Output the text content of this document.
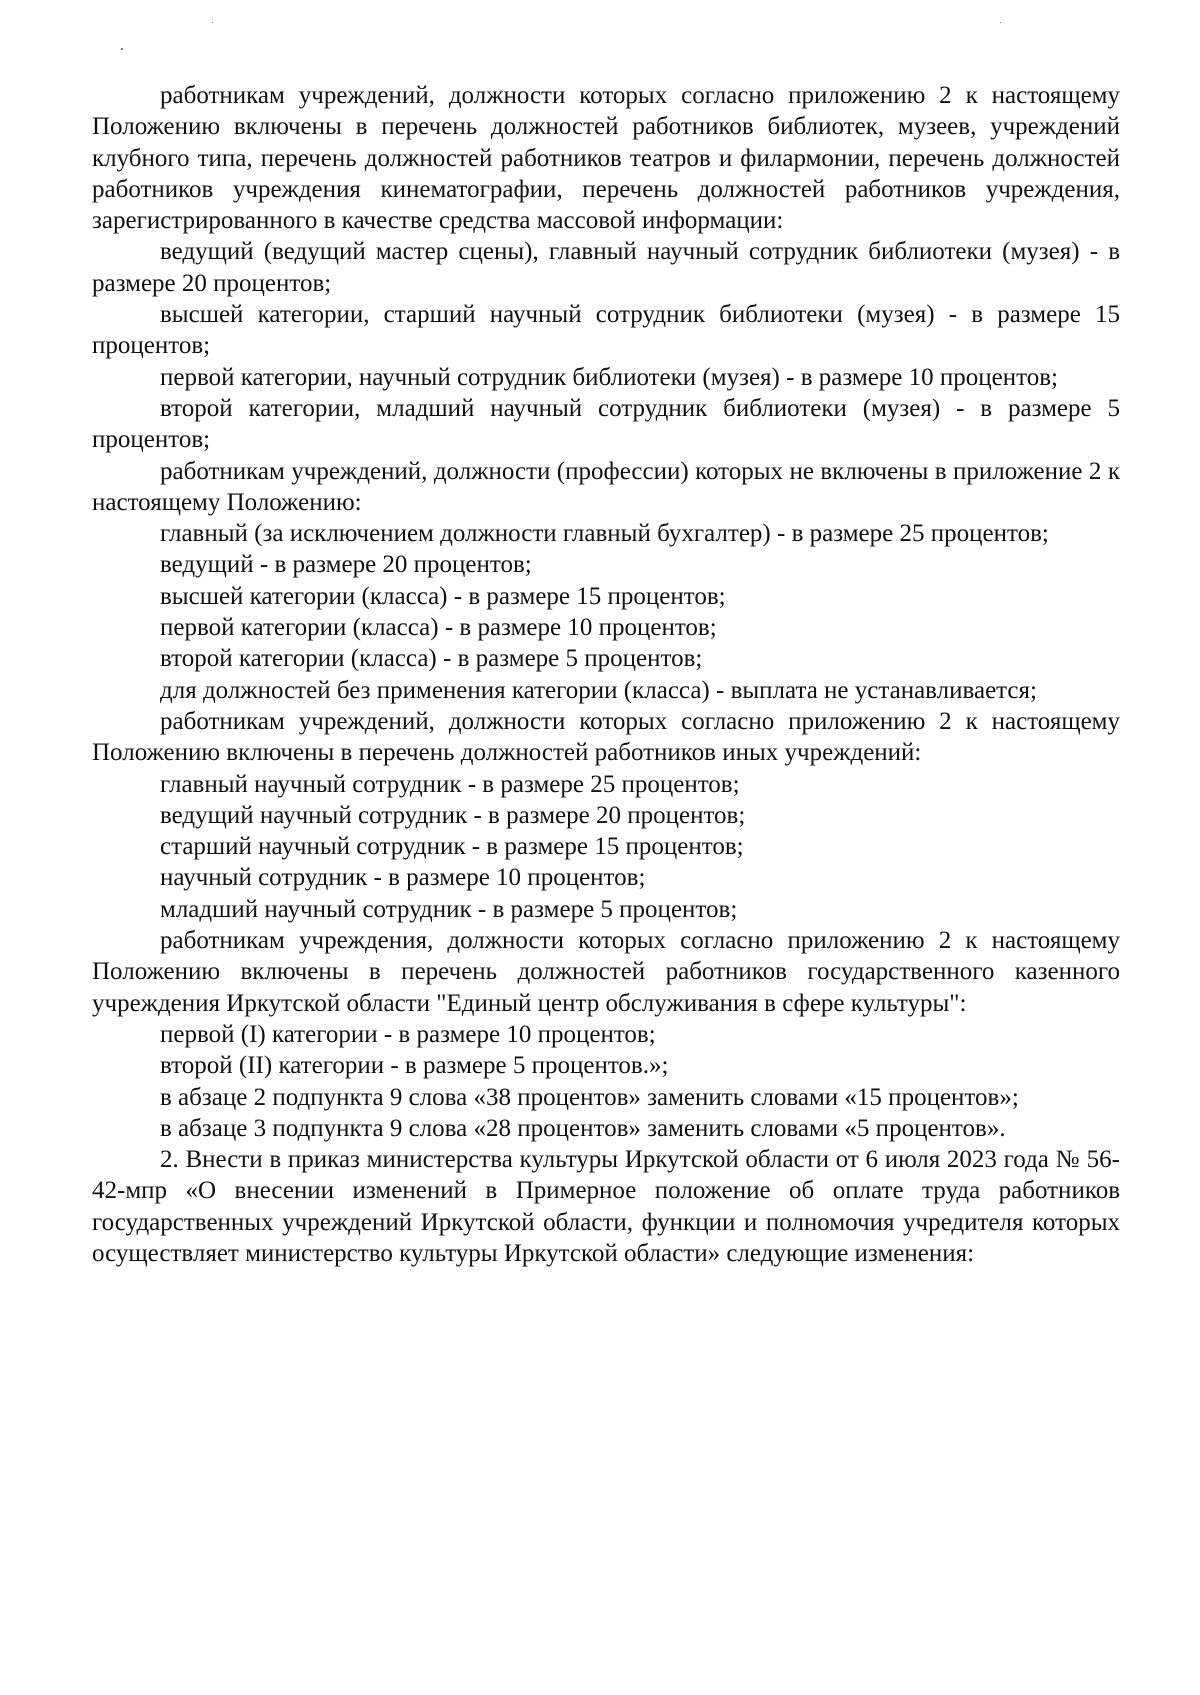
работникам учреждений, должности которых согласно приложению 2 к настоящему Положению включены в перечень должностей работников библиотек, музеев, учреждений клубного типа, перечень должностей работников театров и филармонии, перечень должностей работников учреждения кинематографии, перечень должностей работников учреждения, зарегистрированного в качестве средства массовой информации:

ведущий (ведущий мастер сцены), главный научный сотрудник библиотеки (музея) - в размере 20 процентов;

высшей категории, старший научный сотрудник библиотеки (музея) - в размере 15 процентов;

первой категории, научный сотрудник библиотеки (музея) - в размере 10 процентов;

второй категории, младший научный сотрудник библиотеки (музея) - в размере 5 процентов;

работникам учреждений, должности (профессии) которых не включены в приложение 2 к настоящему Положению:

главный (за исключением должности главный бухгалтер) - в размере 25 процентов;

ведущий - в размере 20 процентов;

высшей категории (класса) - в размере 15 процентов;

первой категории (класса) - в размере 10 процентов;

второй категории (класса) - в размере 5 процентов;

для должностей без применения категории (класса) - выплата не устанавливается;

работникам учреждений, должности которых согласно приложению 2 к настоящему Положению включены в перечень должностей работников иных учреждений:

главный научный сотрудник - в размере 25 процентов;

ведущий научный сотрудник - в размере 20 процентов;

старший научный сотрудник - в размере 15 процентов;

научный сотрудник - в размере 10 процентов;

младший научный сотрудник - в размере 5 процентов;

работникам учреждения, должности которых согласно приложению 2 к настоящему Положению включены в перечень должностей работников государственного казенного учреждения Иркутской области "Единый центр обслуживания в сфере культуры":

первой (I) категории - в размере 10 процентов;

второй (II) категории - в размере 5 процентов.»;

в абзаце 2 подпункта 9 слова «38 процентов» заменить словами «15 процентов»;

в абзаце 3 подпункта 9 слова «28 процентов» заменить словами «5 процентов».

2. Внести в приказ министерства культуры Иркутской области от 6 июля 2023 года № 56-42-мпр «О внесении изменений в Примерное положение об оплате труда работников государственных учреждений Иркутской области, функции и полномочия учредителя которых осуществляет министерство культуры Иркутской области» следующие изменения:
